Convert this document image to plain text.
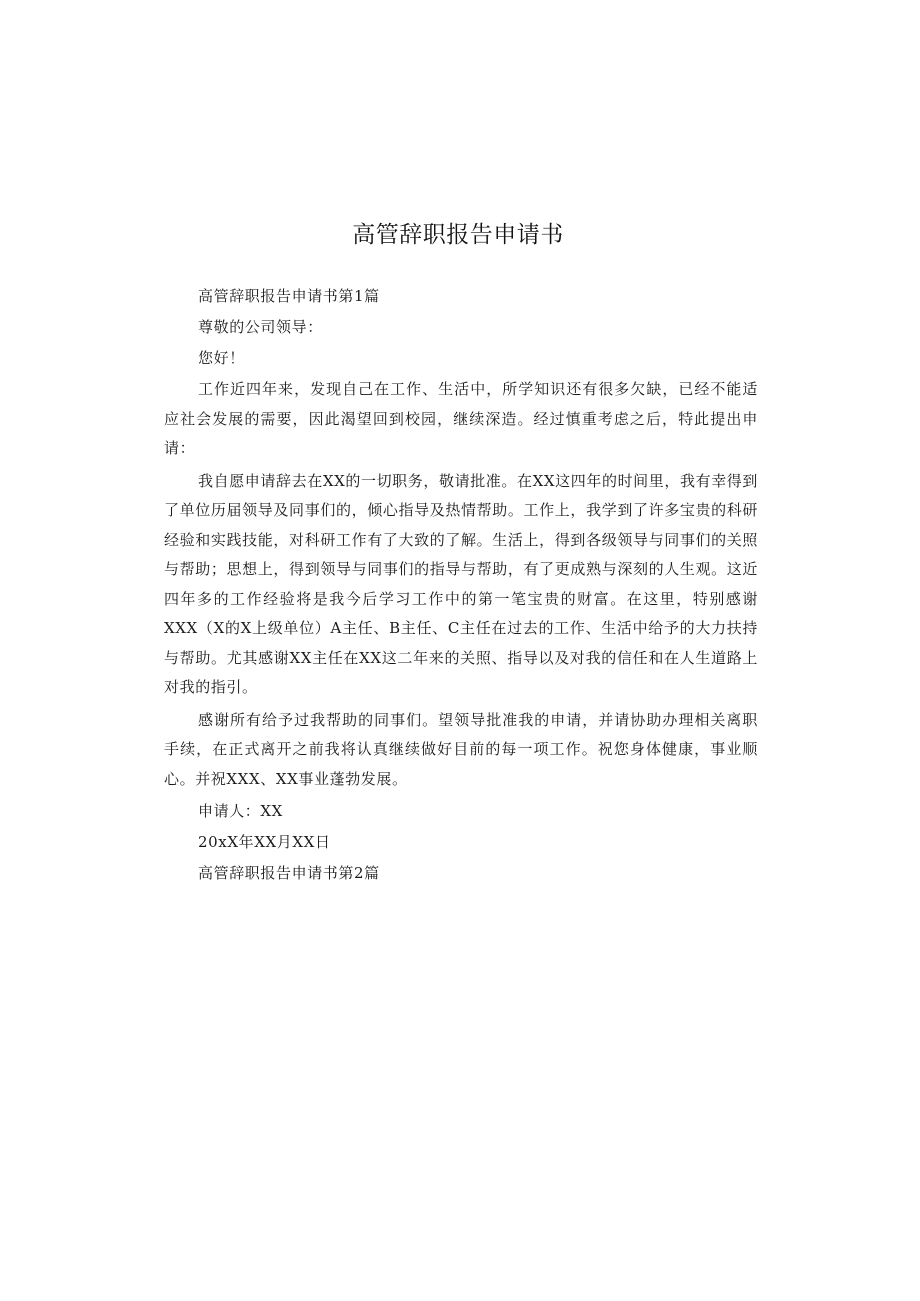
高管辞职报告申请书

高管辞职报告申请书第1篇

尊敬的公司领导：

您好！

工作近四年来，发现自己在工作、生活中，所学知识还有很多欠缺，已经不能适应社会发展的需要，因此渴望回到校园，继续深造。经过慎重考虑之后，特此提出申请：

我自愿申请辞去在XX的一切职务，敬请批准。在XX这四年的时间里，我有幸得到了单位历届领导及同事们的，倾心指导及热情帮助。工作上，我学到了许多宝贵的科研经验和实践技能，对科研工作有了大致的了解。生活上，得到各级领导与同事们的关照与帮助；思想上，得到领导与同事们的指导与帮助，有了更成熟与深刻的人生观。这近四年多的工作经验将是我今后学习工作中的第一笔宝贵的财富。在这里，特别感谢XXX（X的X上级单位）A主任、B主任、C主任在过去的工作、生活中给予的大力扶持与帮助。尤其感谢XX主任在XX这二年来的关照、指导以及对我的信任和在人生道路上对我的指引。

感谢所有给予过我帮助的同事们。望领导批准我的申请，并请协助办理相关离职手续，在正式离开之前我将认真继续做好目前的每一项工作。祝您身体健康，事业顺心。并祝XXX、XX事业蓬勃发展。

申请人：XX

20xX年XX月XX日

高管辞职报告申请书第2篇
